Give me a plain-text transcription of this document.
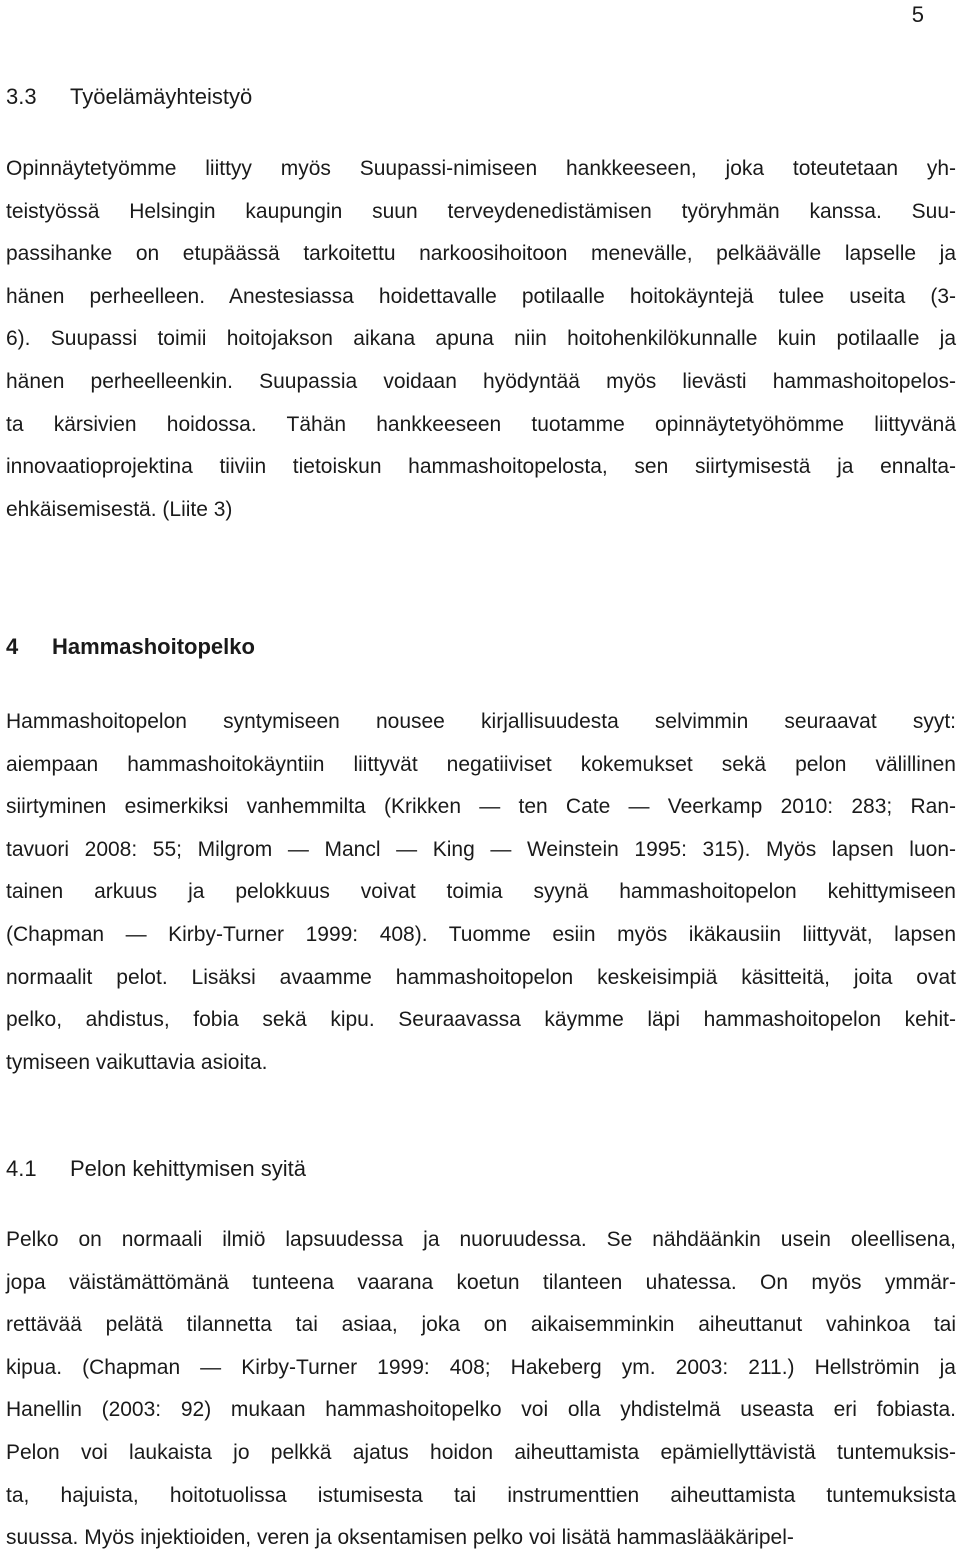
5
3.3 Työelämäyhteistyö
Opinnäytetyömme liittyy myös Suupassi-nimiseen hankkeeseen, joka toteutetaan yh-
teistyössä Helsingin kaupungin suun terveydenedistämisen työryhmän kanssa. Suu-
passihanke on etupäässä tarkoitettu narkoosihoitoon menevälle, pelkäävälle lapselle ja
hänen perheelleen. Anestesiassa hoidettavalle potilaalle hoitokäyntejä tulee useita (3-
6). Suupassi toimii hoitojakson aikana apuna niin hoitohenkilökunnalle kuin potilaalle ja
hänen perheelleenkin. Suupassia voidaan hyödyntää myös lievästi hammashoitopelos-
ta kärsivien hoidossa. Tähän hankkeeseen tuotamme opinnäytetyöhömme liittyvänä
innovaatioprojektina tiiviin tietoiskun hammashoitopelosta, sen siirtymisestä ja ennalta-
ehkäisemisestä. (Liite 3)
4 Hammashoitopelko
Hammashoitopelon syntymiseen nousee kirjallisuudesta selvimmin seuraavat syyt:
aiempaan hammashoitokäyntiin liittyvät negatiiviset kokemukset sekä pelon välillinen
siirtyminen esimerkiksi vanhemmilta (Krikken — ten Cate — Veerkamp 2010: 283; Ran-
tavuori 2008: 55; Milgrom — Mancl — King — Weinstein 1995: 315). Myös lapsen luon-
tainen arkuus ja pelokkuus voivat toimia syynä hammashoitopelon kehittymiseen
(Chapman — Kirby-Turner 1999: 408). Tuomme esiin myös ikäkausiin liittyvät, lapsen
normaalit pelot. Lisäksi avaamme hammashoitopelon keskeisimpiä käsitteitä, joita ovat
pelko, ahdistus, fobia sekä kipu. Seuraavassa käymme läpi hammashoitopelon kehit-
tymiseen vaikuttavia asioita.
4.1 Pelon kehittymisen syitä
Pelko on normaali ilmiö lapsuudessa ja nuoruudessa. Se nähdäänkin usein oleellisena,
jopa väistämättömänä tunteena vaarana koetun tilanteen uhatessa. On myös ymmär-
rettävää pelätä tilannetta tai asiaa, joka on aikaisemminkin aiheuttanut vahinkoa tai
kipua. (Chapman — Kirby-Turner 1999: 408; Hakeberg ym. 2003: 211.) Hellströmin ja
Hanellin (2003: 92) mukaan hammashoitopelko voi olla yhdistelmä useasta eri fobiasta.
Pelon voi laukaista jo pelkkä ajatus hoidon aiheuttamista epämiellyttävistä tuntemuksis-
ta, hajuista, hoitotuolissa istumisesta tai instrumenttien aiheuttamista tuntemuksista
suussa. Myös injektioiden, veren ja oksentamisen pelko voi lisätä hammaslääkäripel-
